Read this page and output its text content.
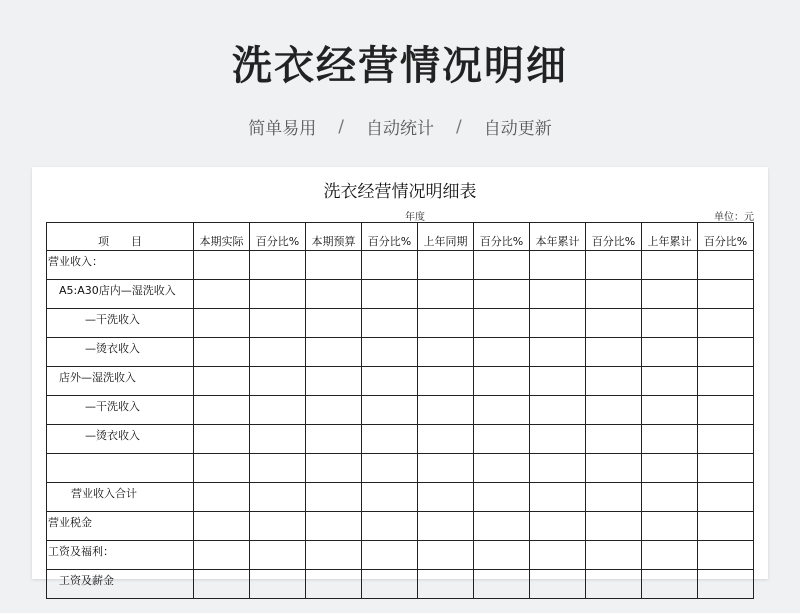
洗衣经营情况明细
简单易用 / 自动统计 / 自动更新
洗衣经营情况明细表
年度	单位：元
项　　目	本期实际	百分比%	本期预算	百分比%	上年同期	百分比%	本年累计	百分比%	上年累计	百分比%
营业收入：										
A5:A30店内—湿洗收入										
—干洗收入										
—烫衣收入										
店外—湿洗收入										
—干洗收入										
—烫衣收入										

营业收入合计										
营业税金										
工资及福利：										
工资及薪金										
